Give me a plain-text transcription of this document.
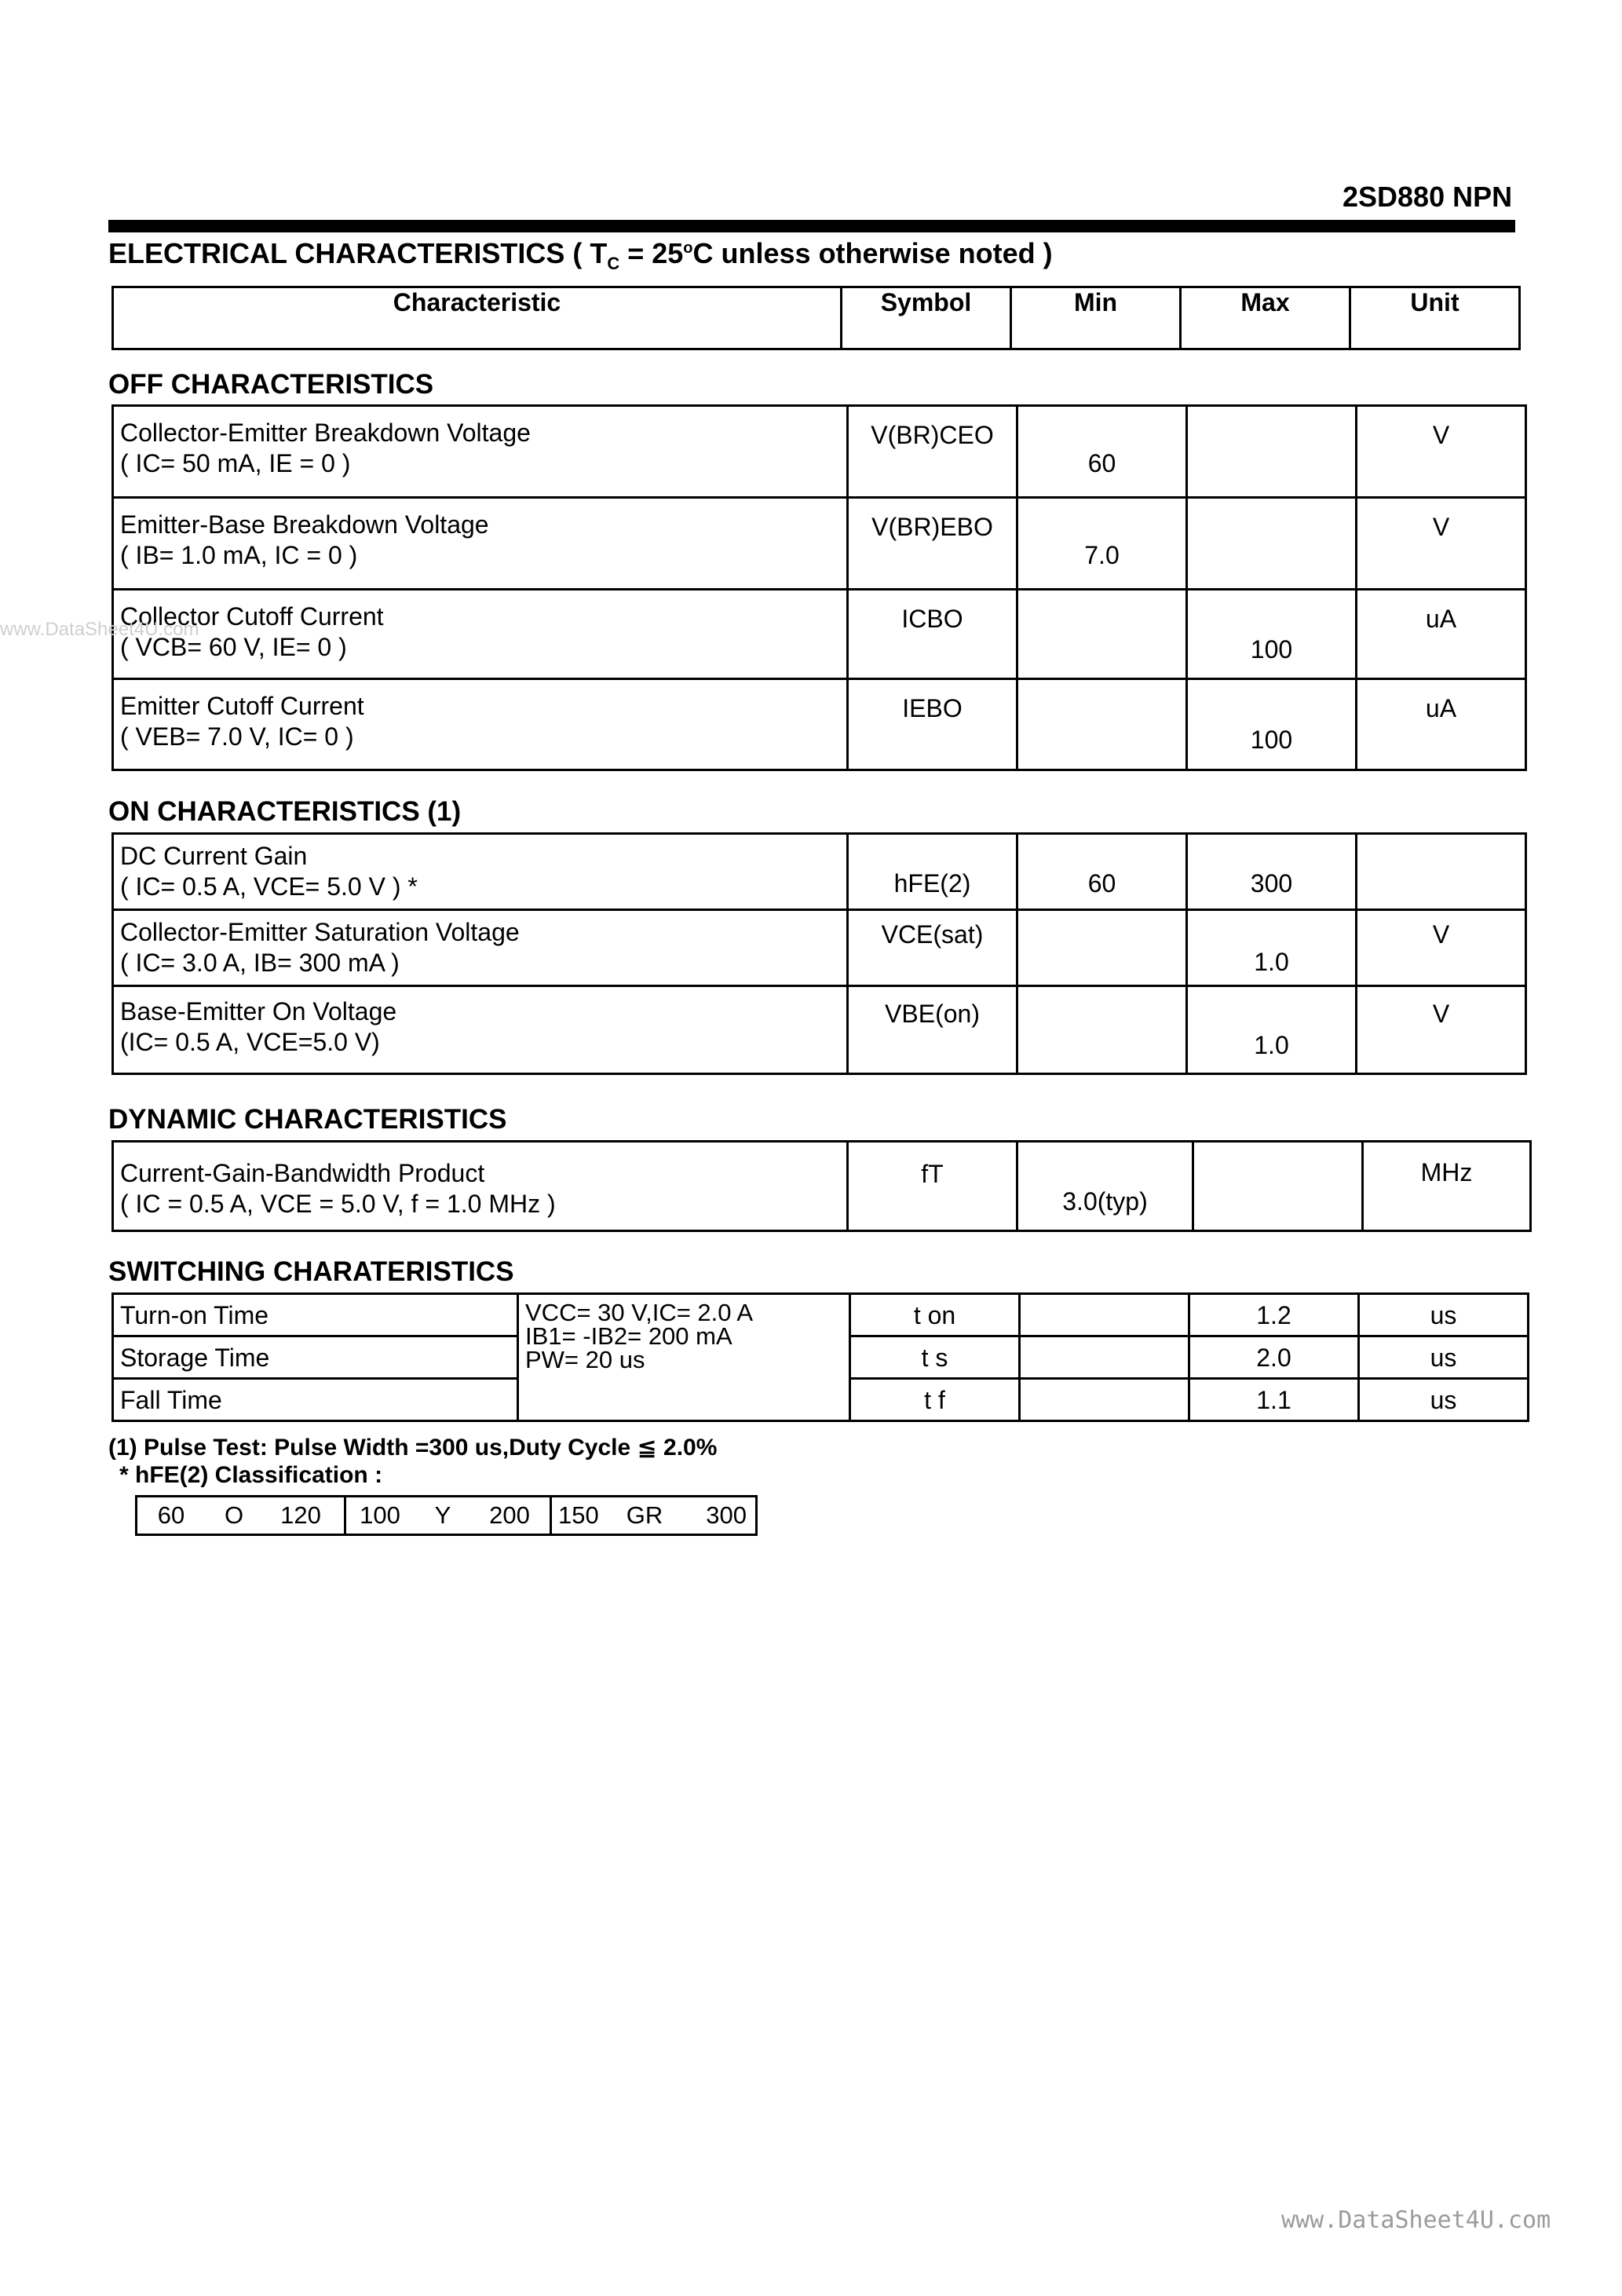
2SD880 NPN
ELECTRICAL CHARACTERISTICS ( $T_C = 25^oC$ unless otherwise noted )
Characteristic	Symbol	Min	Max	Unit
OFF CHARACTERISTICS
Collector-Emitter Breakdown Voltage
( IC= 50 mA, IE = 0 )	V(BR)CEO	60		V

Emitter-Base Breakdown Voltage
( IB= 1.0 mA, IC = 0 )	V(BR)EBO	7.0		V

Collector Cutoff Current
( VCB= 60 V, IE= 0 )	ICBO		100	uA

Emitter Cutoff Current
( VEB= 7.0 V, IC= 0 )	IEBO		100	uA
ON CHARACTERISTICS (1)
DC Current Gain
( IC= 0.5 A, VCE= 5.0 V ) *	hFE(2)	60	300	

Collector-Emitter Saturation Voltage
( IC= 3.0 A, IB= 300 mA )	VCE(sat)		1.0	V

Base-Emitter On Voltage
(IC= 0.5 A, VCE=5.0 V)	VBE(on)		1.0	V
DYNAMIC CHARACTERISTICS
Current-Gain-Bandwidth Product
( IC = 0.5 A, VCE = 5.0 V, f = 1.0 MHz )
	fT	3.0(typ)		MHz
SWITCHING CHARATERISTICS
Turn-on Time	VCC= 30 V,IC= 2.0 A
IB1= -IB2= 200 mA
PW= 20 us	t on		1.2	us
Storage Time		t s		2.0	us
Fall Time		t f		1.1	us
(1) Pulse Test: Pulse Width =300 us,Duty Cycle ≦ 2.0%
* hFE(2) Classification :
60 O 120	100 Y 200	150 GR 300
www.DataSheet4U.com
www.DataSheet4U.com
